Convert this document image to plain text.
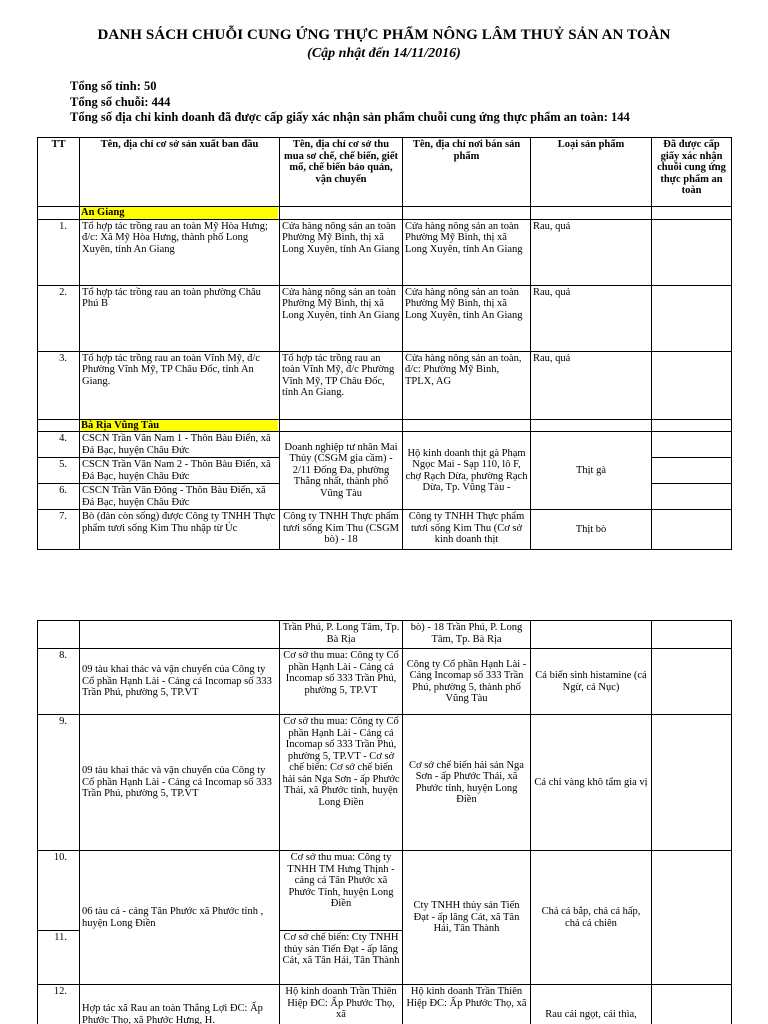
DANH SÁCH CHUỖI CUNG ỨNG THỰC PHẨM NÔNG LÂM THUỶ SẢN AN TOÀN
(Cập nhật đến 14/11/2016)
Tổng số tỉnh: 50
Tổng số chuỗi: 444
Tổng số địa chỉ kinh doanh đã được cấp giấy xác nhận sản phẩm chuỗi cung ứng thực phẩm an toàn: 144
TT	Tên, địa chỉ cơ sở sản xuất ban đầu	Tên, địa chỉ cơ sở thu mua sơ chế, chế biến, giết mổ, chế biến bảo quản, vận chuyển	Tên, địa chỉ nơi bán sản phẩm	Loại sản phẩm	Đã được cấp giấy xác nhận chuỗi cung ứng thực phẩm an toàn
	An Giang				
1.	Tổ hợp tác trồng rau an toàn Mỹ Hòa Hưng; đ/c: Xã Mỹ Hòa Hưng, thành phố Long Xuyên, tỉnh An Giang	Cửa hàng nông sản an toàn Phường Mỹ Bình, thị xã Long Xuyên, tỉnh An Giang	Cửa hàng nông sản an toàn Phường Mỹ Bình, thị xã Long Xuyên, tỉnh An Giang	Rau, quả	
2.	Tổ hợp tác trồng rau an toàn phường Châu Phú B	Cửa hàng nông sản an toàn Phường Mỹ Bình, thị xã Long Xuyên, tỉnh An Giang	Cửa hàng nông sản an toàn Phường Mỹ Bình, thị xã Long Xuyên, tỉnh An Giang	Rau, quả	
3.	Tổ hợp tác trồng rau an toàn Vĩnh Mỹ, đ/c Phường Vĩnh Mỹ, TP Châu Đốc, tỉnh An Giang.	Tổ hợp tác trồng rau an toàn Vĩnh Mỹ, đ/c Phường Vĩnh Mỹ, TP Châu Đốc, tỉnh An Giang.	Cửa hàng nông sản an toàn, đ/c: Phường Mỹ Bình, TPLX, AG	Rau, quả	
	Bà Rịa Vũng Tàu				
4.	CSCN Trần Văn Nam 1 - Thôn Bàu Điển, xã Đá Bạc, huyện Châu Đức	Doanh nghiệp tư nhân Mai Thủy (CSGM gia cầm) - 2/11 Đống Đa, phường Thắng nhất, thành phố Vũng Tàu	Hộ kinh doanh thịt gà Phạm Ngọc Mai - Sạp 110, lô F, chợ Rạch Dừa, phường Rạch Dừa, Tp. Vũng Tàu -	Thịt gà	
5.	CSCN Trần Văn Nam 2 - Thôn Bàu Điển, xã Đá Bạc, huyện Châu Đức				
6.	CSCN Trần Văn Đông - Thôn Bàu Điển, xã Đá Bạc, huyện Châu Đức				
7.	Bò (đàn còn sống) được Công ty TNHH Thực phẩm tươi sống Kim Thu nhập từ Úc	Công ty TNHH Thực phẩm tươi sống Kim Thu (CSGM bò) - 18	Công ty TNHH Thực phẩm tươi sống Kim Thu (Cơ sở kinh doanh thịt	Thịt bò	
		Trần Phú, P. Long Tâm, Tp. Bà Rịa	bò) - 18 Trần Phú, P. Long Tâm, Tp. Bà Rịa		
8.	09 tàu khai thác và vận chuyển của Công ty Cổ phần Hạnh Lài - Cảng cá Incomap số 333 Trần Phú, phường 5, TP.VT	Cơ sở thu mua: Công ty Cổ phần Hạnh Lài - Cảng cá Incomap số 333 Trần Phú, phường 5, TP.VT	Công ty Cổ phần Hạnh Lài - Cảng Incomap số 333 Trần Phú, phường 5, thành phố Vũng Tàu	Cá biển sinh histamine (cá Ngừ, cá Nục)	
9.	09 tàu khai thác và vận chuyển của Công ty Cổ phần Hạnh Lài - Cảng cá Incomap số 333 Trần Phú, phường 5, TP.VT	Cơ sở thu mua: Công ty Cổ phần Hạnh Lài - Cảng cá Incomap số 333 Trần Phú, phường 5, TP.VT - Cơ sở chế biến: Cơ sở chế biến hải sản Nga Sơn - ấp Phước Thái, xã Phước tỉnh, huyện Long Điền	Cơ sở chế biến hải sản Nga Sơn - ấp Phước Thái, xã Phước tỉnh, huyện Long Điền	Cá chỉ vàng khô tẩm gia vị	
10.	06 tàu cá - cảng Tân Phước xã Phước tỉnh , huyện Long Điền	Cơ sở thu mua: Công ty TNHH TM Hưng Thịnh - cảng cá Tân Phước xã Phước Tỉnh, huyện Long Điền	Cty TNHH thủy sản Tiến Đạt - ấp lăng Cát, xã Tân Hải, Tân Thành	Chả cá bắp, chả cá hấp, chả cá chiên	
11.		Cơ sở chế biến: Cty TNHH thủy sản Tiến Đạt - ấp lăng Cát, xã Tân Hải, Tân Thành			
12.	Hợp tác xã Rau an toàn Thắng Lợi ĐC: Ấp Phước Thọ, xã Phước Hưng, H.	Hộ kinh doanh Trần Thiên Hiệp ĐC: Ấp Phước Thọ, xã	Hộ kinh doanh Trần Thiên Hiệp ĐC: Ấp Phước Thọ, xã	Rau cải ngọt, cải thìa,	
